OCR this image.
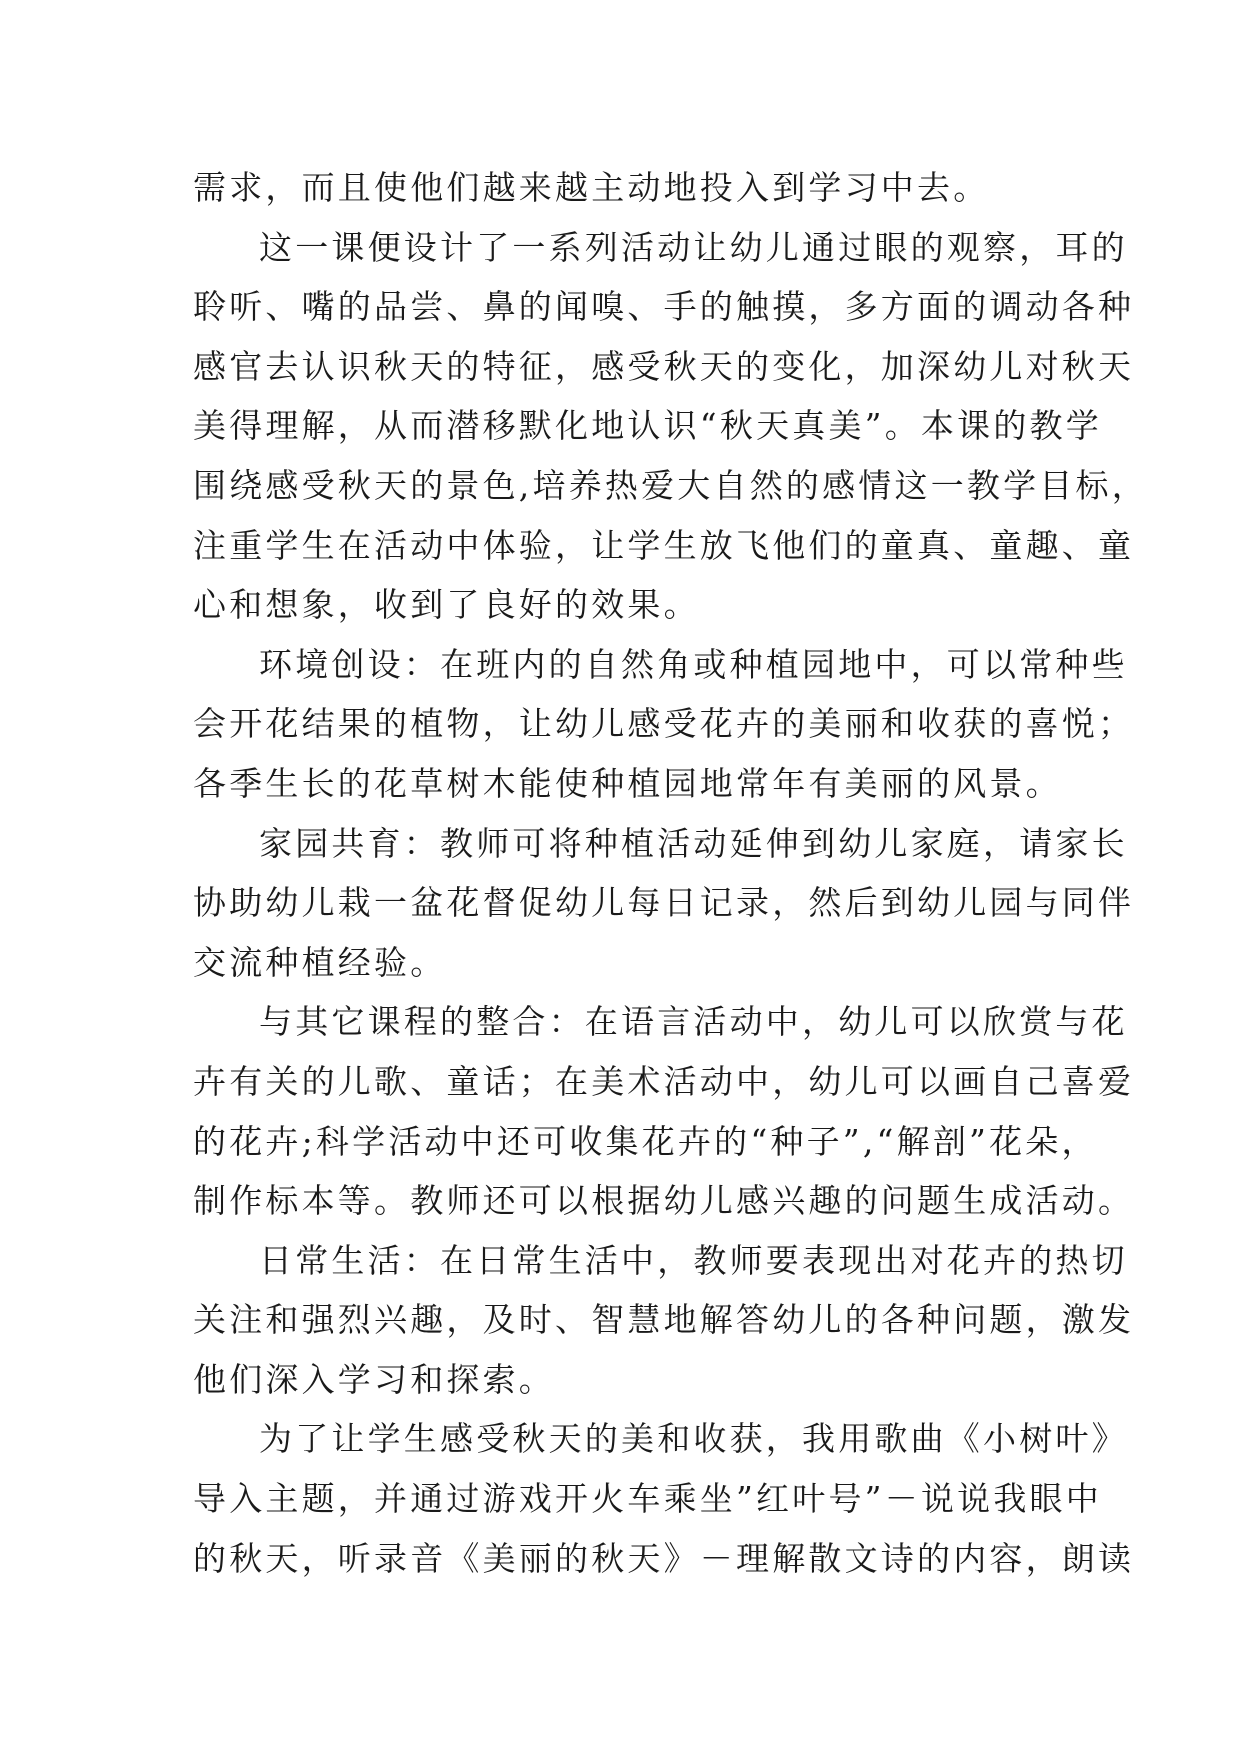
需求，而且使他们越来越主动地投入到学习中去。
这一课便设计了一系列活动让幼儿通过眼的观察，耳的
聆听、嘴的品尝、鼻的闻嗅、手的触摸，多方面的调动各种
感官去认识秋天的特征，感受秋天的变化，加深幼儿对秋天
美得理解，从而潜移默化地认识“秋天真美”。本课的教学
围绕感受秋天的景色,培养热爱大自然的感情这一教学目标，
注重学生在活动中体验，让学生放飞他们的童真、童趣、童
心和想象，收到了良好的效果。
环境创设：在班内的自然角或种植园地中，可以常种些
会开花结果的植物，让幼儿感受花卉的美丽和收获的喜悦；
各季生长的花草树木能使种植园地常年有美丽的风景。
家园共育：教师可将种植活动延伸到幼儿家庭，请家长
协助幼儿栽一盆花督促幼儿每日记录，然后到幼儿园与同伴
交流种植经验。
与其它课程的整合：在语言活动中，幼儿可以欣赏与花
卉有关的儿歌、童话；在美术活动中，幼儿可以画自己喜爱
的花卉;科学活动中还可收集花卉的“种子”,“解剖”花朵，
制作标本等。教师还可以根据幼儿感兴趣的问题生成活动。
日常生活：在日常生活中，教师要表现出对花卉的热切
关注和强烈兴趣，及时、智慧地解答幼儿的各种问题，激发
他们深入学习和探索。
为了让学生感受秋天的美和收获，我用歌曲《小树叶》
导入主题，并通过游戏开火车乘坐”红叶号”－说说我眼中
的秋天，听录音《美丽的秋天》－理解散文诗的内容，朗读
